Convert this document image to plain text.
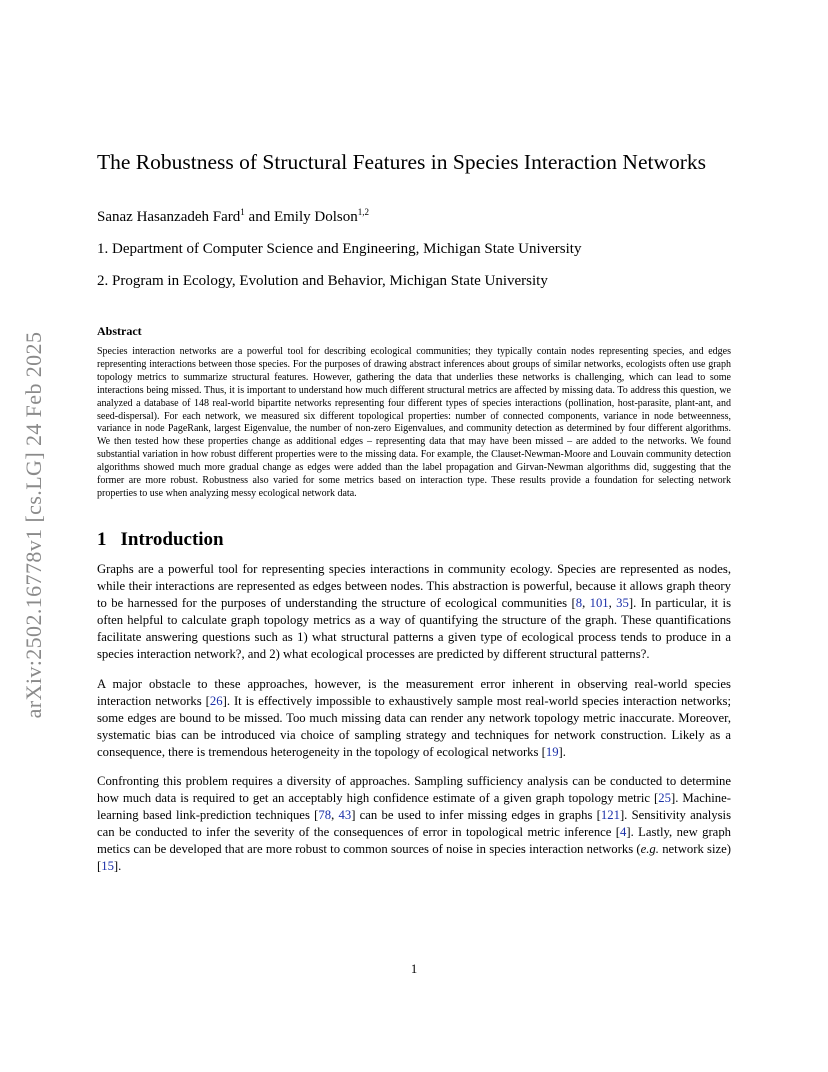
arXiv:2502.16778v1 [cs.LG] 24 Feb 2025
The Robustness of Structural Features in Species Interaction Networks
Sanaz Hasanzadeh Fard$^1$ and Emily Dolson$^{1,2}$
1. Department of Computer Science and Engineering, Michigan State University
2. Program in Ecology, Evolution and Behavior, Michigan State University
Abstract
Species interaction networks are a powerful tool for describing ecological communities; they typically contain nodes representing species, and edges representing interactions between those species. For the purposes of drawing abstract inferences about groups of similar networks, ecologists often use graph topology metrics to summarize structural features. However, gathering the data that underlies these networks is challenging, which can lead to some interactions being missed. Thus, it is important to understand how much different structural metrics are affected by missing data. To address this question, we analyzed a database of 148 real-world bipartite networks representing four different types of species interactions (pollination, host-parasite, plant-ant, and seed-dispersal). For each network, we measured six different topological properties: number of connected components, variance in node betweenness, variance in node PageRank, largest Eigenvalue, the number of non-zero Eigenvalues, and community detection as determined by four different algorithms. We then tested how these properties change as additional edges – representing data that may have been missed – are added to the networks. We found substantial variation in how robust different properties were to the missing data. For example, the Clauset-Newman-Moore and Louvain community detection algorithms showed much more gradual change as edges were added than the label propagation and Girvan-Newman algorithms did, suggesting that the former are more robust. Robustness also varied for some metrics based on interaction type. These results provide a foundation for selecting network properties to use when analyzing messy ecological network data.
1 Introduction

Graphs are a powerful tool for representing species interactions in community ecology. Species are represented as nodes, while their interactions are represented as edges between nodes. This abstraction is powerful, because it allows graph theory to be harnessed for the purposes of understanding the structure of ecological communities [8, 101, 35]. In particular, it is often helpful to calculate graph topology metrics as a way of quantifying the structure of the graph. These quantifications facilitate answering questions such as 1) what structural patterns a given type of ecological process tends to produce in a species interaction network?, and 2) what ecological processes are predicted by different structural patterns?.

A major obstacle to these approaches, however, is the measurement error inherent in observing real-world species interaction networks [26]. It is effectively impossible to exhaustively sample most real-world species interaction networks; some edges are bound to be missed. Too much missing data can render any network topology metric inaccurate. Moreover, systematic bias can be introduced via choice of sampling strategy and techniques for network construction. Likely as a consequence, there is tremendous heterogeneity in the topology of ecological networks [19].

Confronting this problem requires a diversity of approaches. Sampling sufficiency analysis can be conducted to determine how much data is required to get an acceptably high confidence estimate of a given graph topology metric [25]. Machine-learning based link-prediction techniques [78, 43] can be used to infer missing edges in graphs [121]. Sensitivity analysis can be conducted to infer the severity of the consequences of error in topological metric inference [4]. Lastly, new graph metics can be developed that are more robust to common sources of noise in species interaction networks (e.g. network size) [15].

1
